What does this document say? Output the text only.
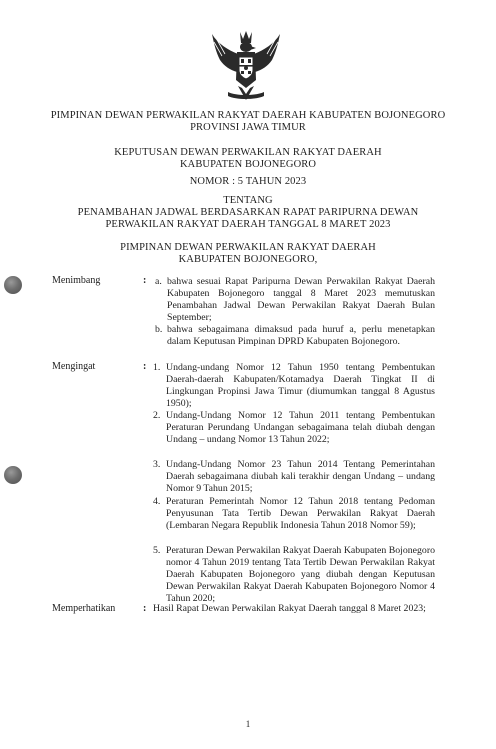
PIMPINAN DEWAN PERWAKILAN RAKYAT DAERAH KABUPATEN BOJONEGORO
PROVINSI JAWA TIMUR
KEPUTUSAN DEWAN PERWAKILAN RAKYAT DAERAH
KABUPATEN BOJONEGORO
NOMOR : 5 TAHUN 2023
TENTANG
PENAMBAHAN JADWAL BERDASARKAN RAPAT PARIPURNA DEWAN
PERWAKILAN RAKYAT DAERAH TANGGAL 8 MARET 2023
PIMPINAN DEWAN PERWAKILAN RAKYAT DAERAH
KABUPATEN BOJONEGORO,
Menimbang	: a. bahwa sesuai Rapat Paripurna Dewan Perwakilan Rakyat Daerah Kabupaten Bojonegoro tanggal 8 Maret 2023 memutuskan Penambahan Jadwal Dewan Perwakilan Rakyat Daerah Bulan September;
b. bahwa sebagaimana dimaksud pada huruf a, perlu menetapkan dalam Keputusan Pimpinan DPRD Kabupaten Bojonegoro.
Mengingat	: 1. Undang-undang Nomor 12 Tahun 1950 tentang Pembentukan Daerah-daerah Kabupaten/Kotamadya Daerah Tingkat II di Lingkungan Propinsi Jawa Timur (diumumkan tanggal 8 Agustus 1950);
2. Undang-Undang Nomor 12 Tahun 2011 tentang Pembentukan Peraturan Perundang Undangan sebagaimana telah diubah dengan Undang – undang Nomor 13 Tahun 2022;
3. Undang-Undang Nomor 23 Tahun 2014 Tentang Pemerintahan Daerah sebagaimana diubah kali terakhir dengan Undang – undang Nomor 9 Tahun 2015;
4. Peraturan Pemerintah Nomor 12 Tahun 2018 tentang Pedoman Penyusunan Tata Tertib Dewan Perwakilan Rakyat Daerah (Lembaran Negara Republik Indonesia Tahun 2018 Nomor 59);
5. Peraturan Dewan Perwakilan Rakyat Daerah Kabupaten Bojonegoro nomor 4 Tahun 2019 tentang Tata Tertib Dewan Perwakilan Rakyat Daerah Kabupaten Bojonegoro yang diubah dengan Keputusan Dewan Perwakilan Rakyat Daerah Kabupaten Bojonegoro Nomor 4 Tahun 2020;
Memperhatikan	: Hasil Rapat Dewan Perwakilan Rakyat Daerah tanggal 8 Maret 2023;
1
